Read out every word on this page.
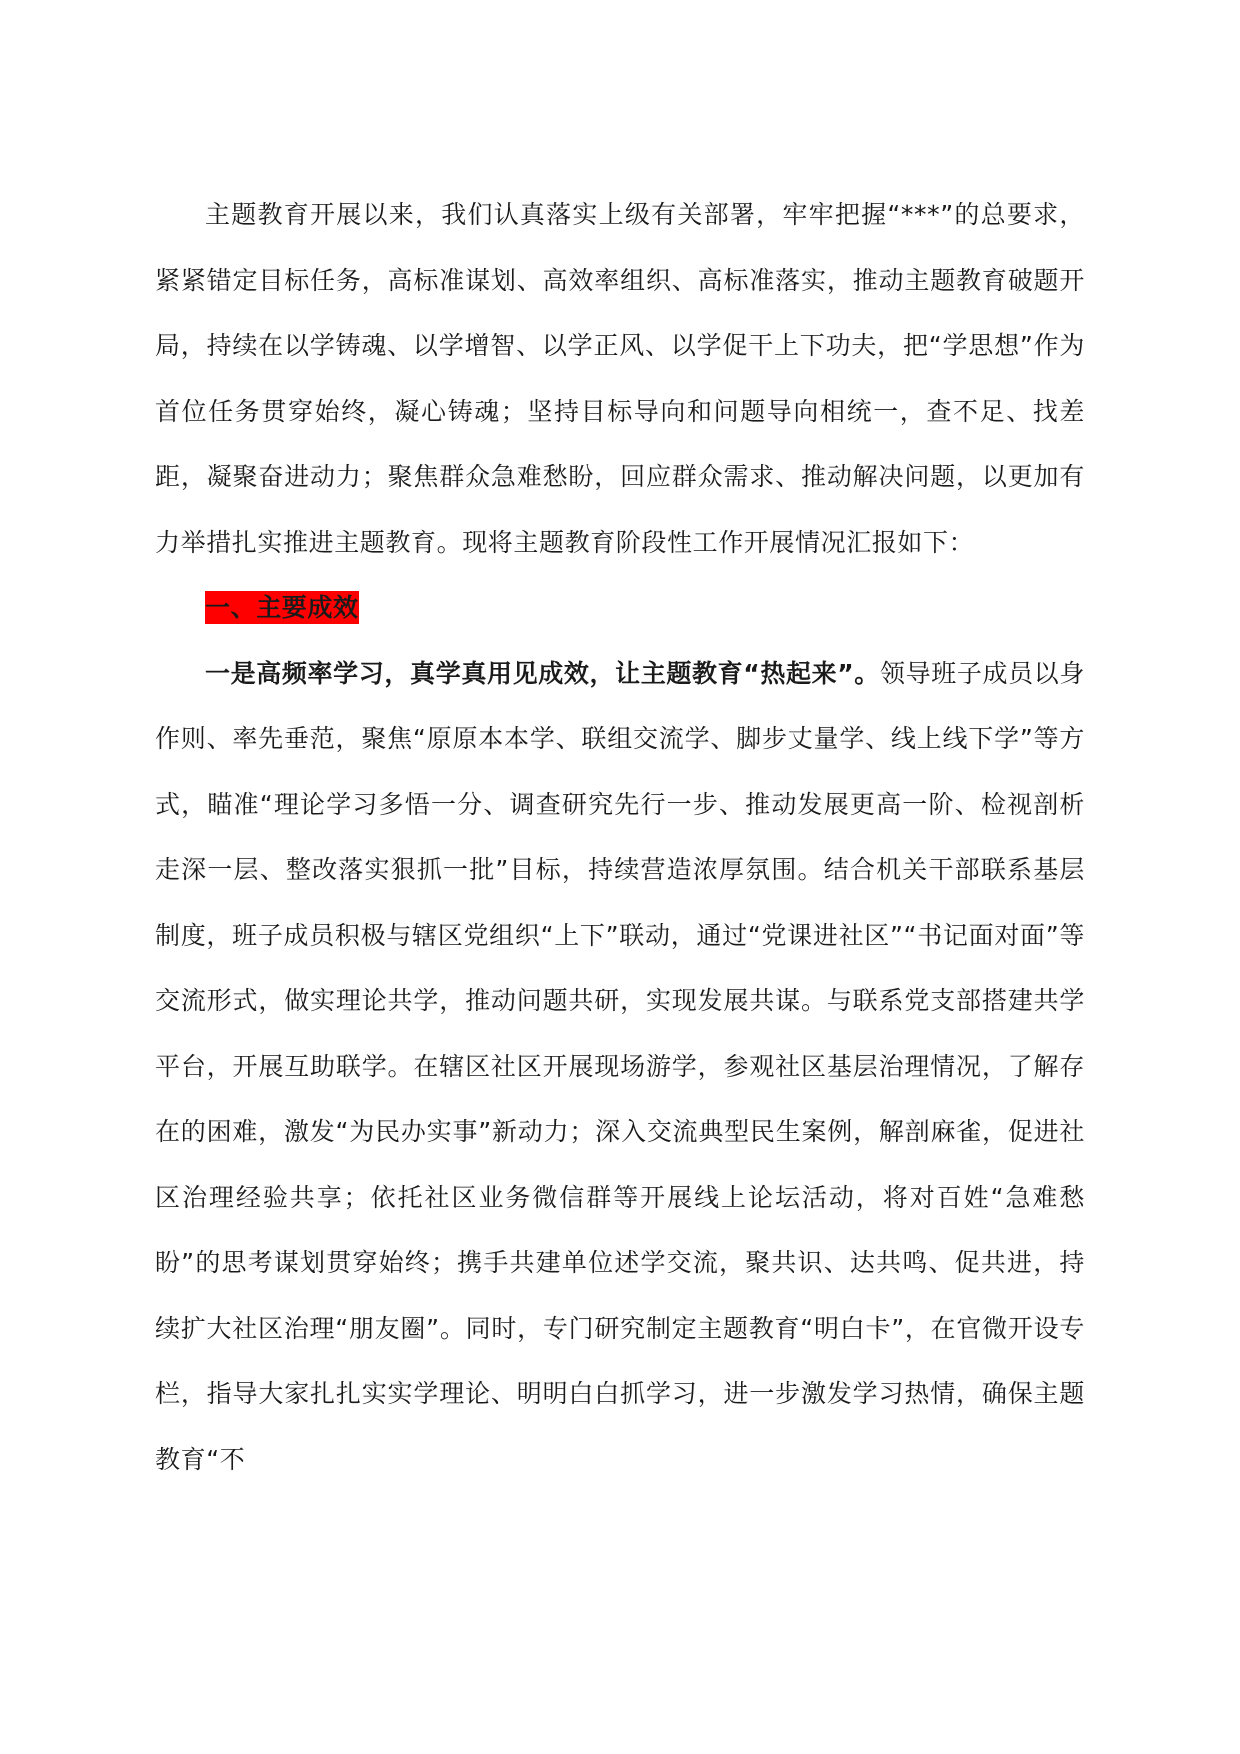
主题教育开展以来，我们认真落实上级有关部署，牢牢把握“***”的总要求，紧紧错定目标任务，高标准谋划、高效率组织、高标准落实，推动主题教育破题开局，持续在以学铸魂、以学增智、以学正风、以学促干上下功夫，把“学思想”作为首位任务贯穿始终，凝心铸魂；坚持目标导向和问题导向相统一，查不足、找差距，凝聚奋进动力；聚焦群众急难愁盼，回应群众需求、推动解决问题，以更加有力举措扎实推进主题教育。现将主题教育阶段性工作开展情况汇报如下：

一、主要成效

一是高频率学习，真学真用见成效，让主题教育“热起来”。领导班子成员以身作则、率先垂范，聚焦“原原本本学、联组交流学、脚步丈量学、线上线下学”等方式，瞄准“理论学习多悟一分、调查研究先行一步、推动发展更高一阶、检视剖析走深一层、整改落实狠抓一批”目标，持续营造浓厚氛围。结合机关干部联系基层制度，班子成员积极与辖区党组织“上下”联动，通过“党课进社区”“书记面对面”等交流形式，做实理论共学，推动问题共研，实现发展共谋。与联系党支部搭建共学平台，开展互助联学。在辖区社区开展现场游学，参观社区基层治理情况，了解存在的困难，激发“为民办实事”新动力；深入交流典型民生案例，解剖麻雀，促进社区治理经验共享；依托社区业务微信群等开展线上论坛活动，将对百姓“急难愁盼”的思考谋划贯穿始终；携手共建单位述学交流，聚共识、达共鸣、促共进，持续扩大社区治理“朋友圈”。同时，专门研究制定主题教育“明白卡”，在官微开设专栏，指导大家扎扎实实学理论、明明白白抓学习，进一步激发学习热情，确保主题教育“不
